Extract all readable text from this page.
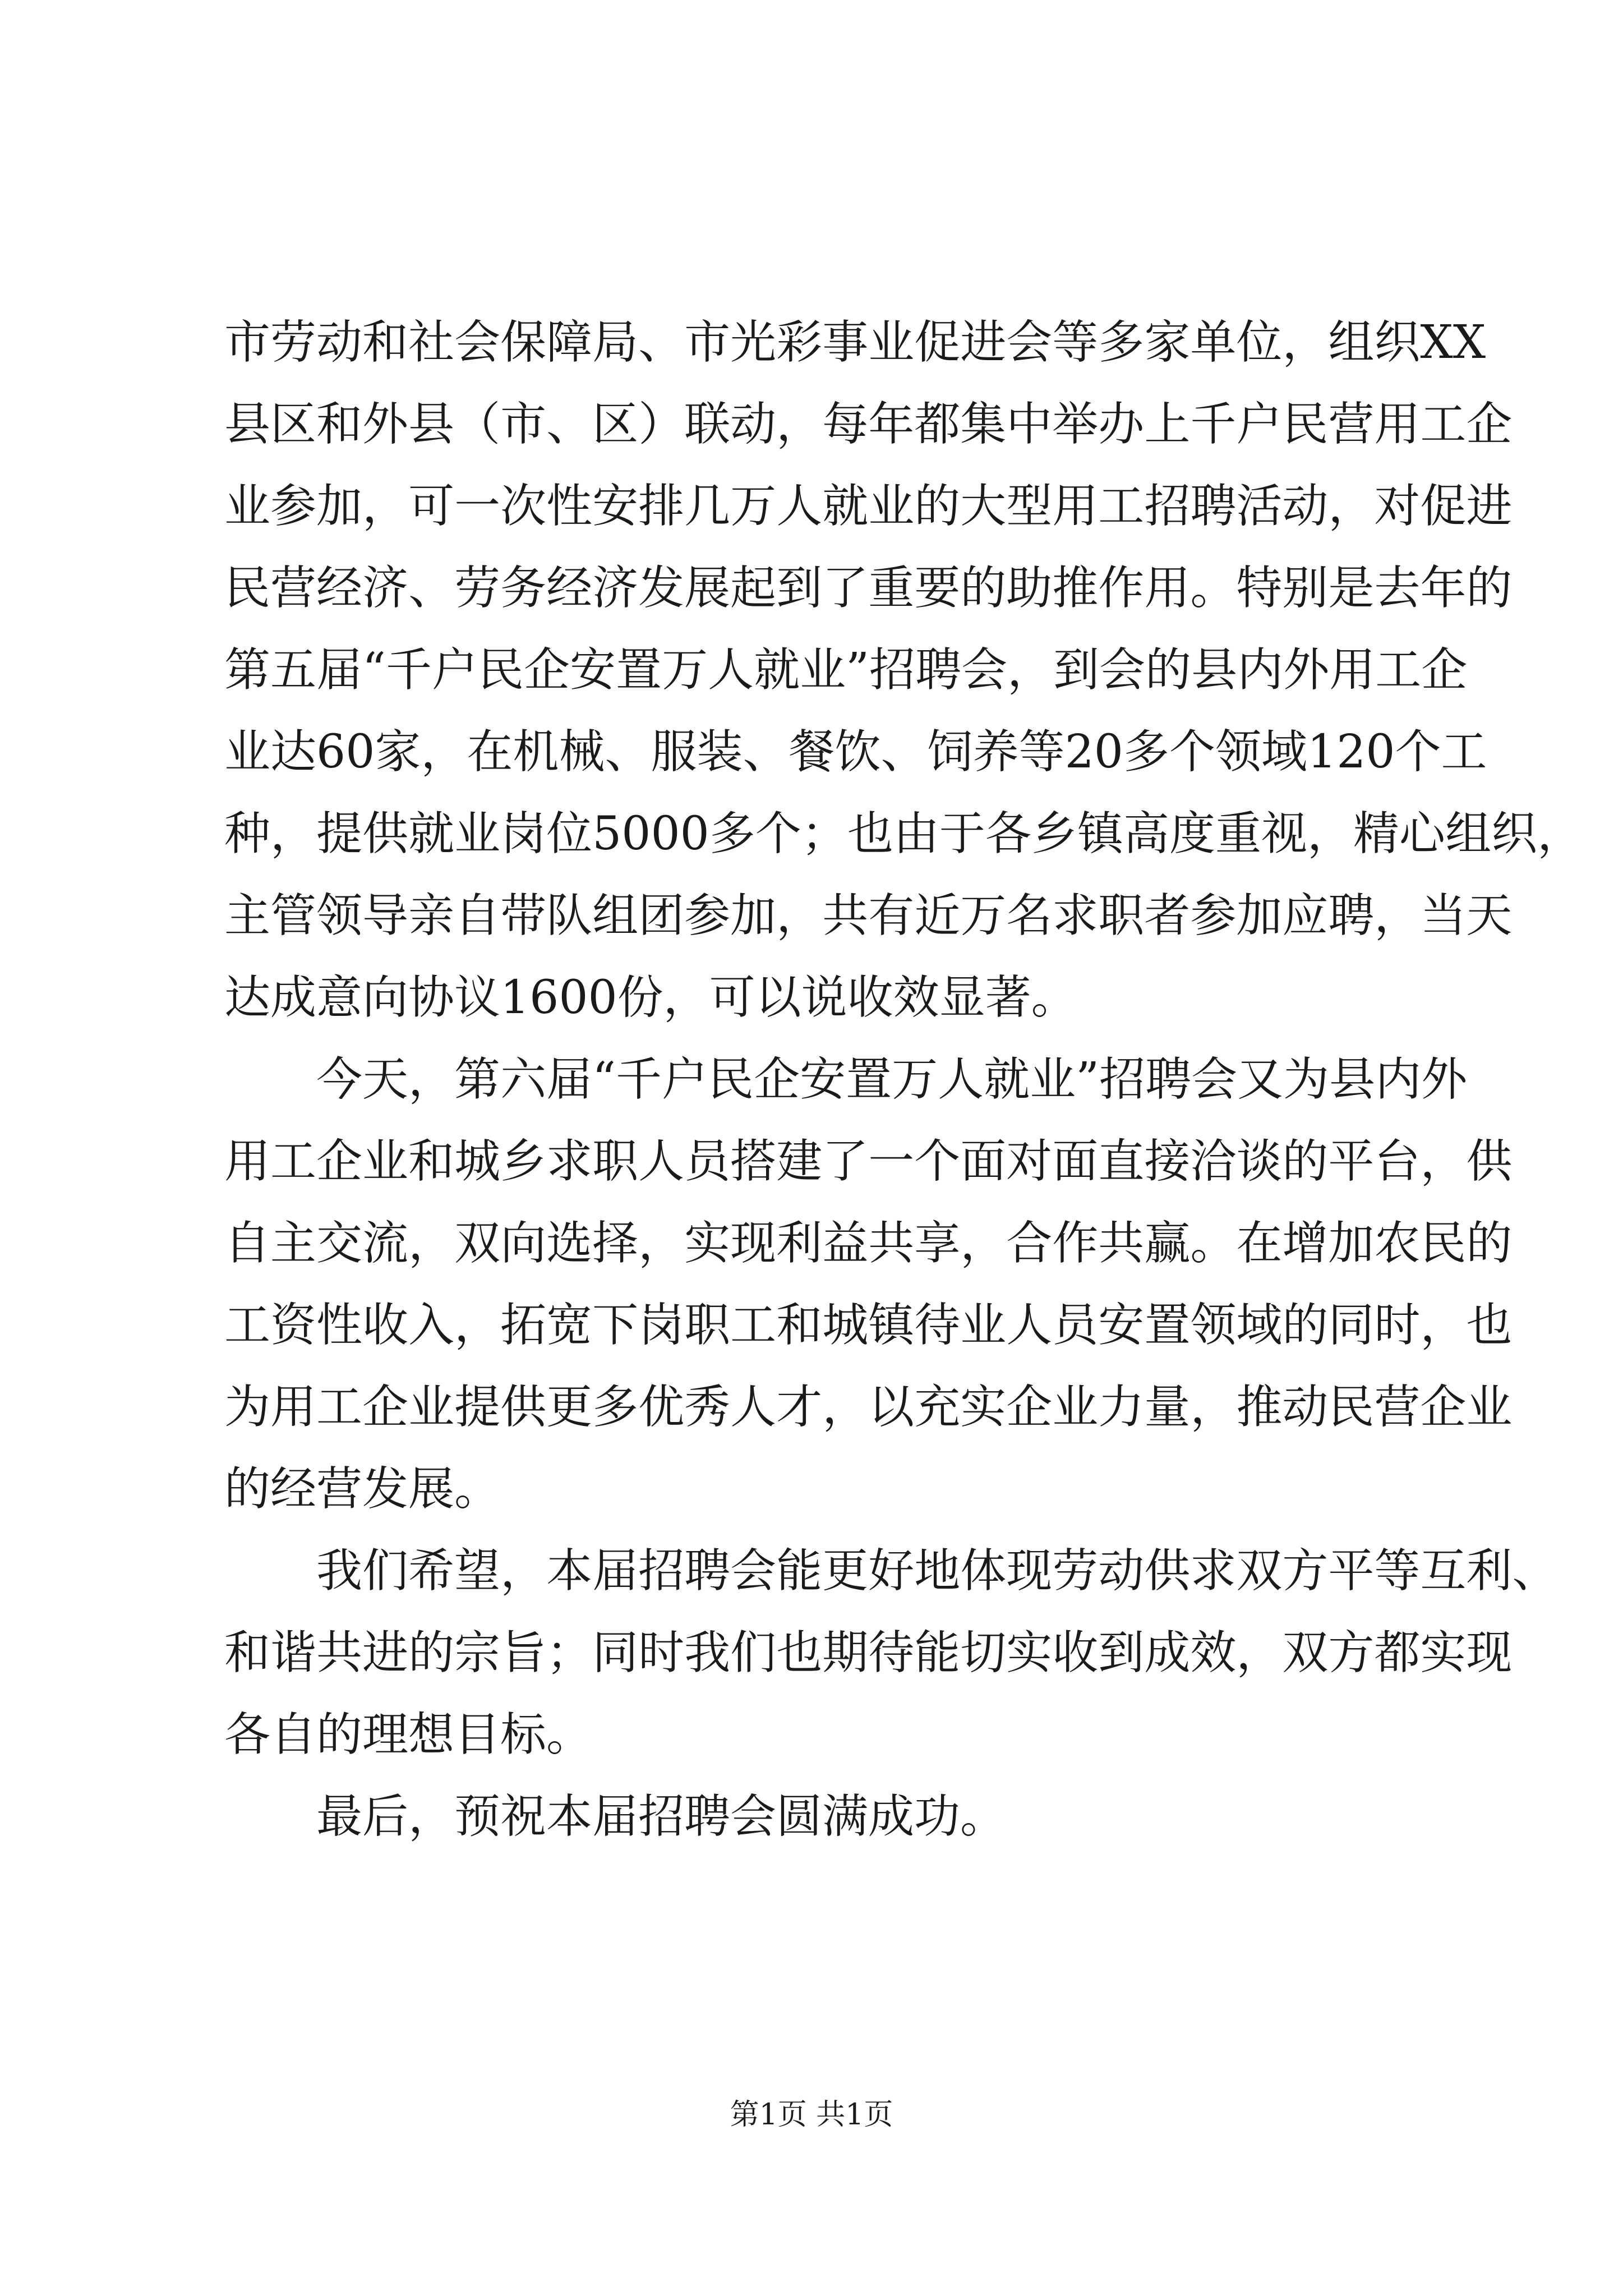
市 劳 动 和 社 会 保 障 局 、 市 光 彩 事 业 促 进 会 等 多 家 单 位 ， 组 织 X X
县 区 和 外 县 （ 市 、 区 ） 联 动 ， 每 年 都 集 中 举 办 上 千 户 民 营 用 工 企
业 参 加 ， 可 一 次 性 安 排 几 万 人 就 业 的 大 型 用 工 招 聘 活 动 ， 对 促 进
民 营 经 济 、 劳 务 经 济 发 展 起 到 了 重 要 的 助 推 作 用 。 特 别 是 去 年 的
第 五 届 “ 千 户 民 企 安 置 万 人 就 业 ” 招 聘 会 ， 到 会 的 县 内 外 用 工 企
业 达 6 0 家 ， 在 机 械 、 服 装 、 餐 饮 、 饲 养 等 2 0 多 个 领 域 1 2 0 个 工
种 ， 提 供 就 业 岗 位 5 0 0 0 多 个 ； 也 由 于 各 乡 镇 高 度 重 视 ， 精 心 组 织 ，
主 管 领 导 亲 自 带 队 组 团 参 加 ， 共 有 近 万 名 求 职 者 参 加 应 聘 ， 当 天
达成意向协议1600份，可以说收效显著。
今 天 ， 第 六 届 “ 千 户 民 企 安 置 万 人 就 业 ” 招 聘 会 又 为 县 内 外
用 工 企 业 和 城 乡 求 职 人 员 搭 建 了 一 个 面 对 面 直 接 洽 谈 的 平 台 ， 供
自 主 交 流 ， 双 向 选 择 ， 实 现 利 益 共 享 ， 合 作 共 赢 。 在 增 加 农 民 的
工 资 性 收 入 ， 拓 宽 下 岗 职 工 和 城 镇 待 业 人 员 安 置 领 域 的 同 时 ， 也
为 用 工 企 业 提 供 更 多 优 秀 人 才 ， 以 充 实 企 业 力 量 ， 推 动 民 营 企 业
的经营发展。
我 们 希 望 ， 本 届 招 聘 会 能 更 好 地 体 现 劳 动 供 求 双 方 平 等 互 利 、
和 谐 共 进 的 宗 旨 ； 同 时 我 们 也 期 待 能 切 实 收 到 成 效 ， 双 方 都 实 现
各自的理想目标。
最后，预祝本届招聘会圆满成功。
第1页 共1页
